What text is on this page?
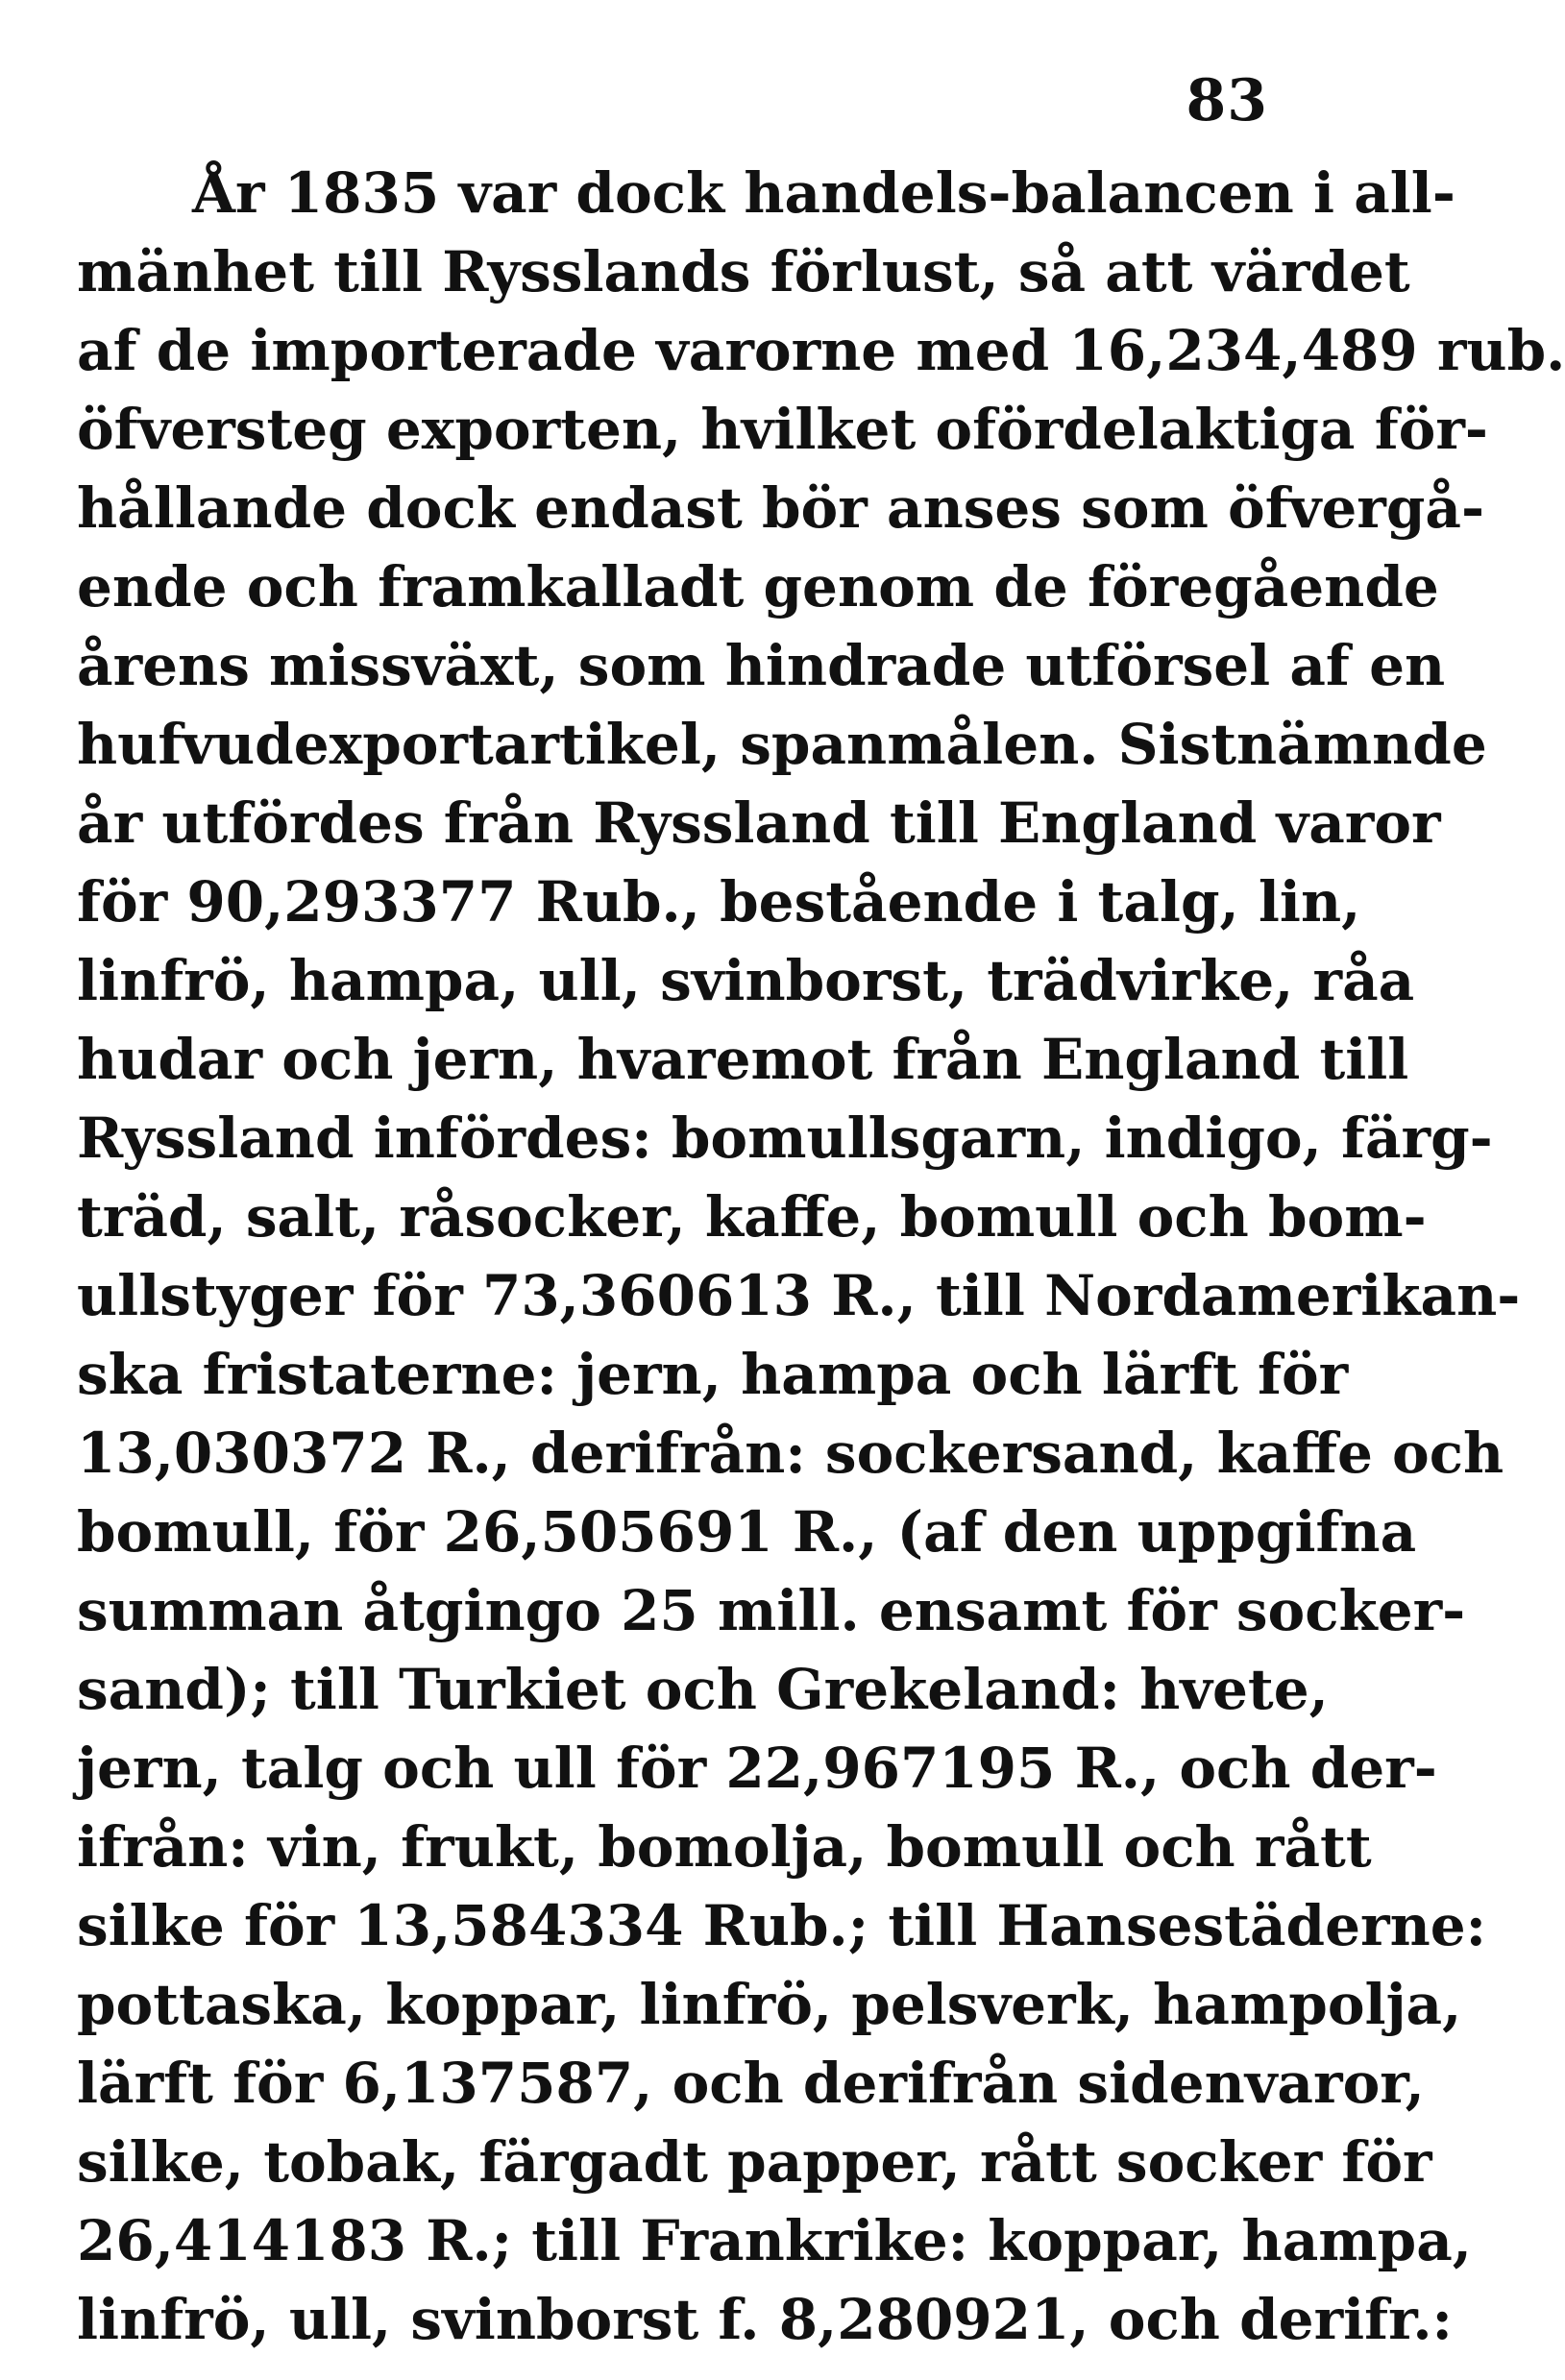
83
År 1835 var dock handels-balancen i all-
mänhet till Rysslands förlust, så att värdet
af de importerade varorne med 16,234,489 rub.
öfversteg exporten, hvilket ofördelaktiga för-
hållande dock endast bör anses som öfvergå-
ende och framkalladt genom de föregående
årens missväxt, som hindrade utförsel af en
hufvudexportartikel, spanmålen. Sistnämnde
år utfördes från Ryssland till England varor
för 90,293377 Rub., bestående i talg, lin,
linfrö, hampa, ull, svinborst, trädvirke, råa
hudar och jern, hvaremot från England till
Ryssland infördes: bomullsgarn, indigo, färg-
träd, salt, råsocker, kaffe, bomull och bom-
ullstyger för 73,360613 R., till Nordamerikan-
ska fristaterne: jern, hampa och lärft för
13,030372 R., derifrån: sockersand, kaffe och
bomull, för 26,505691 R., (af den uppgifna
summan åtgingo 25 mill. ensamt för socker-
sand); till Turkiet och Grekeland: hvete,
jern, talg och ull för 22,967195 R., och der-
ifrån: vin, frukt, bomolja, bomull och rått
silke för 13,584334 Rub.; till Hansestäderne:
pottaska, koppar, linfrö, pelsverk, hampolja,
lärft för 6,137587, och derifrån sidenvaror,
silke, tobak, färgadt papper, rått socker för
26,414183 R.; till Frankrike: koppar, hampa,
linfrö, ull, svinborst f. 8,280921, och derifr.:
